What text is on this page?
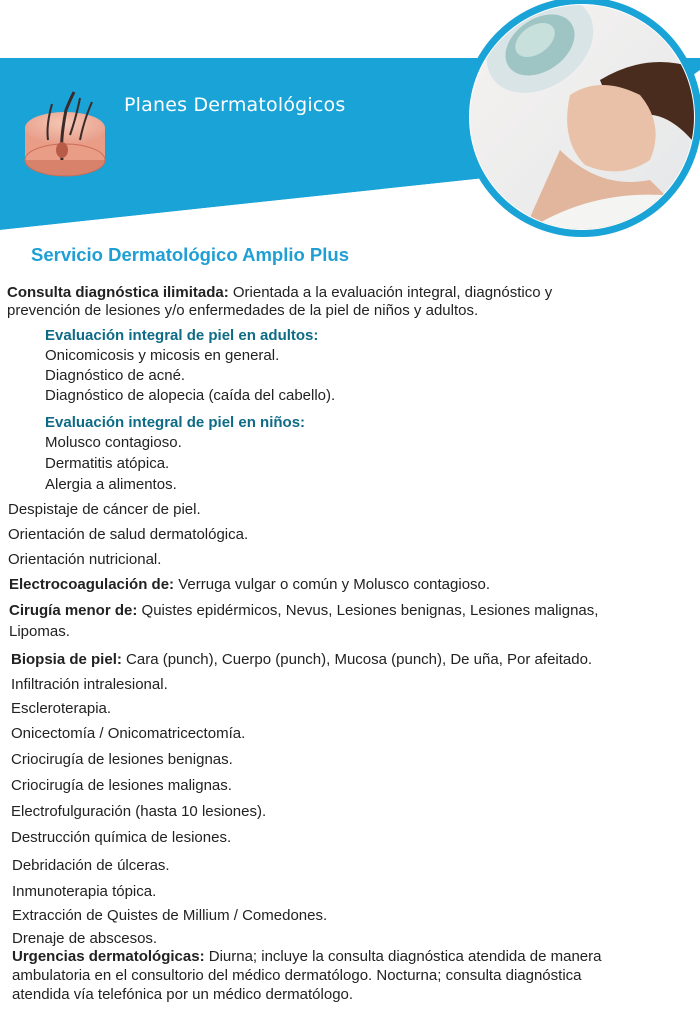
Planes Dermatológicos
Servicio Dermatológico Amplio Plus
Consulta diagnóstica ilimitada: Orientada a la evaluación integral, diagnóstico y
prevención de lesiones y/o enfermedades de la piel de niños y adultos.
Evaluación integral de piel en adultos:
Onicomicosis y micosis en general.
Diagnóstico de acné.
Diagnóstico de alopecia (caída del cabello).
Evaluación integral de piel en niños:
Molusco contagioso.
Dermatitis atópica.
Alergia a alimentos.
Despistaje de cáncer de piel.
Orientación de salud dermatológica.
Orientación nutricional.
Electrocoagulación de: Verruga vulgar o común y Molusco contagioso.
Cirugía menor de: Quistes epidérmicos, Nevus, Lesiones benignas, Lesiones malignas,
Lipomas.
Biopsia de piel: Cara (punch), Cuerpo (punch), Mucosa (punch), De uña, Por afeitado.
Infiltración intralesional.
Escleroterapia.
Onicectomía / Onicomatricectomía.
Criocirugía de lesiones benignas.
Criocirugía de lesiones malignas.
Electrofulguración (hasta 10 lesiones).
Destrucción química de lesiones.
Debridación de úlceras.
Inmunoterapia tópica.
Extracción de Quistes de Millium / Comedones.
Drenaje de abscesos.
Urgencias dermatológicas: Diurna; incluye la consulta diagnóstica atendida de manera
ambulatoria en el consultorio del médico dermatólogo. Nocturna; consulta diagnóstica
atendida vía telefónica por un médico dermatólogo.
